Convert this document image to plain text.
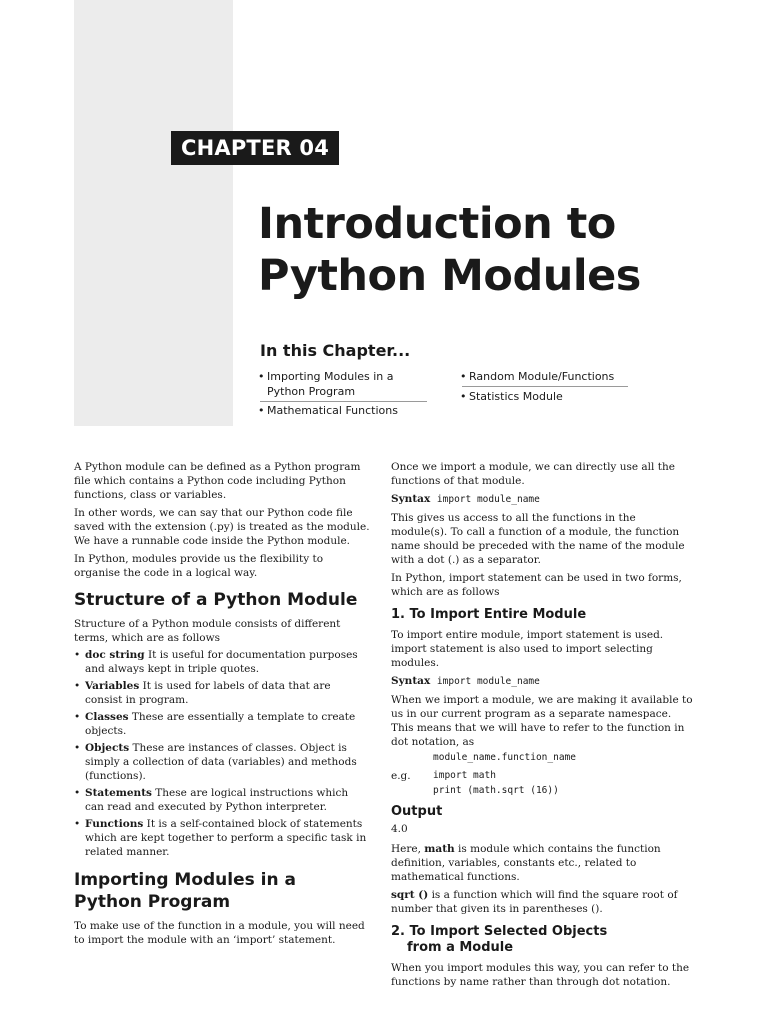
CHAPTER 04
Introduction to
Python Modules
In this Chapter...
• Importing Modules in a
Python Program
• Mathematical Functions
• Random Module/Functions
• Statistics Module

A Python module can be defined as a Python program file which contains a Python code including Python functions, class or variables.

In other words, we can say that our Python code file saved with the extension (.py) is treated as the module. We have a runnable code inside the Python module.

In Python, modules provide us the flexibility to organise the code in a logical way.

Structure of a Python Module

Structure of a Python module consists of different terms, which are as follows

• doc string It is useful for documentation purposes and always kept in triple quotes.
• Variables It is used for labels of data that are consist in program.
• Classes These are essentially a template to create objects.
• Objects These are instances of classes. Object is simply a collection of data (variables) and methods (functions).
• Statements These are logical instructions which can read and executed by Python interpreter.
• Functions It is a self-contained block of statements which are kept together to perform a specific task in related manner.
Importing Modules in a
Python Program

To make use of the function in a module, you will need to import the module with an ‘import’ statement.

Once we import a module, we can directly use all the functions of that module.

Syntax import module_name

This gives us access to all the functions in the module(s). To call a function of a module, the function name should be preceded with the name of the module with a dot (.) as a separator.

In Python, import statement can be used in two forms, which are as follows

1. To Import Entire Module

To import entire module, import statement is used. import statement is also used to import selecting modules.

Syntax import module_name

When we import a module, we are making it available to us in our current program as a separate namespace. This means that we will have to refer to the function in dot notation, as

module_name.function_name
e.g.	import math
print (math.sqrt (16))
Output

4.0

Here, math is module which contains the function definition, variables, constants etc., related to mathematical functions.

sqrt () is a function which will find the square root of number that given its in parentheses ().

2. To Import Selected Objects
from a Module

When you import modules this way, you can refer to the functions by name rather than through dot notation.
